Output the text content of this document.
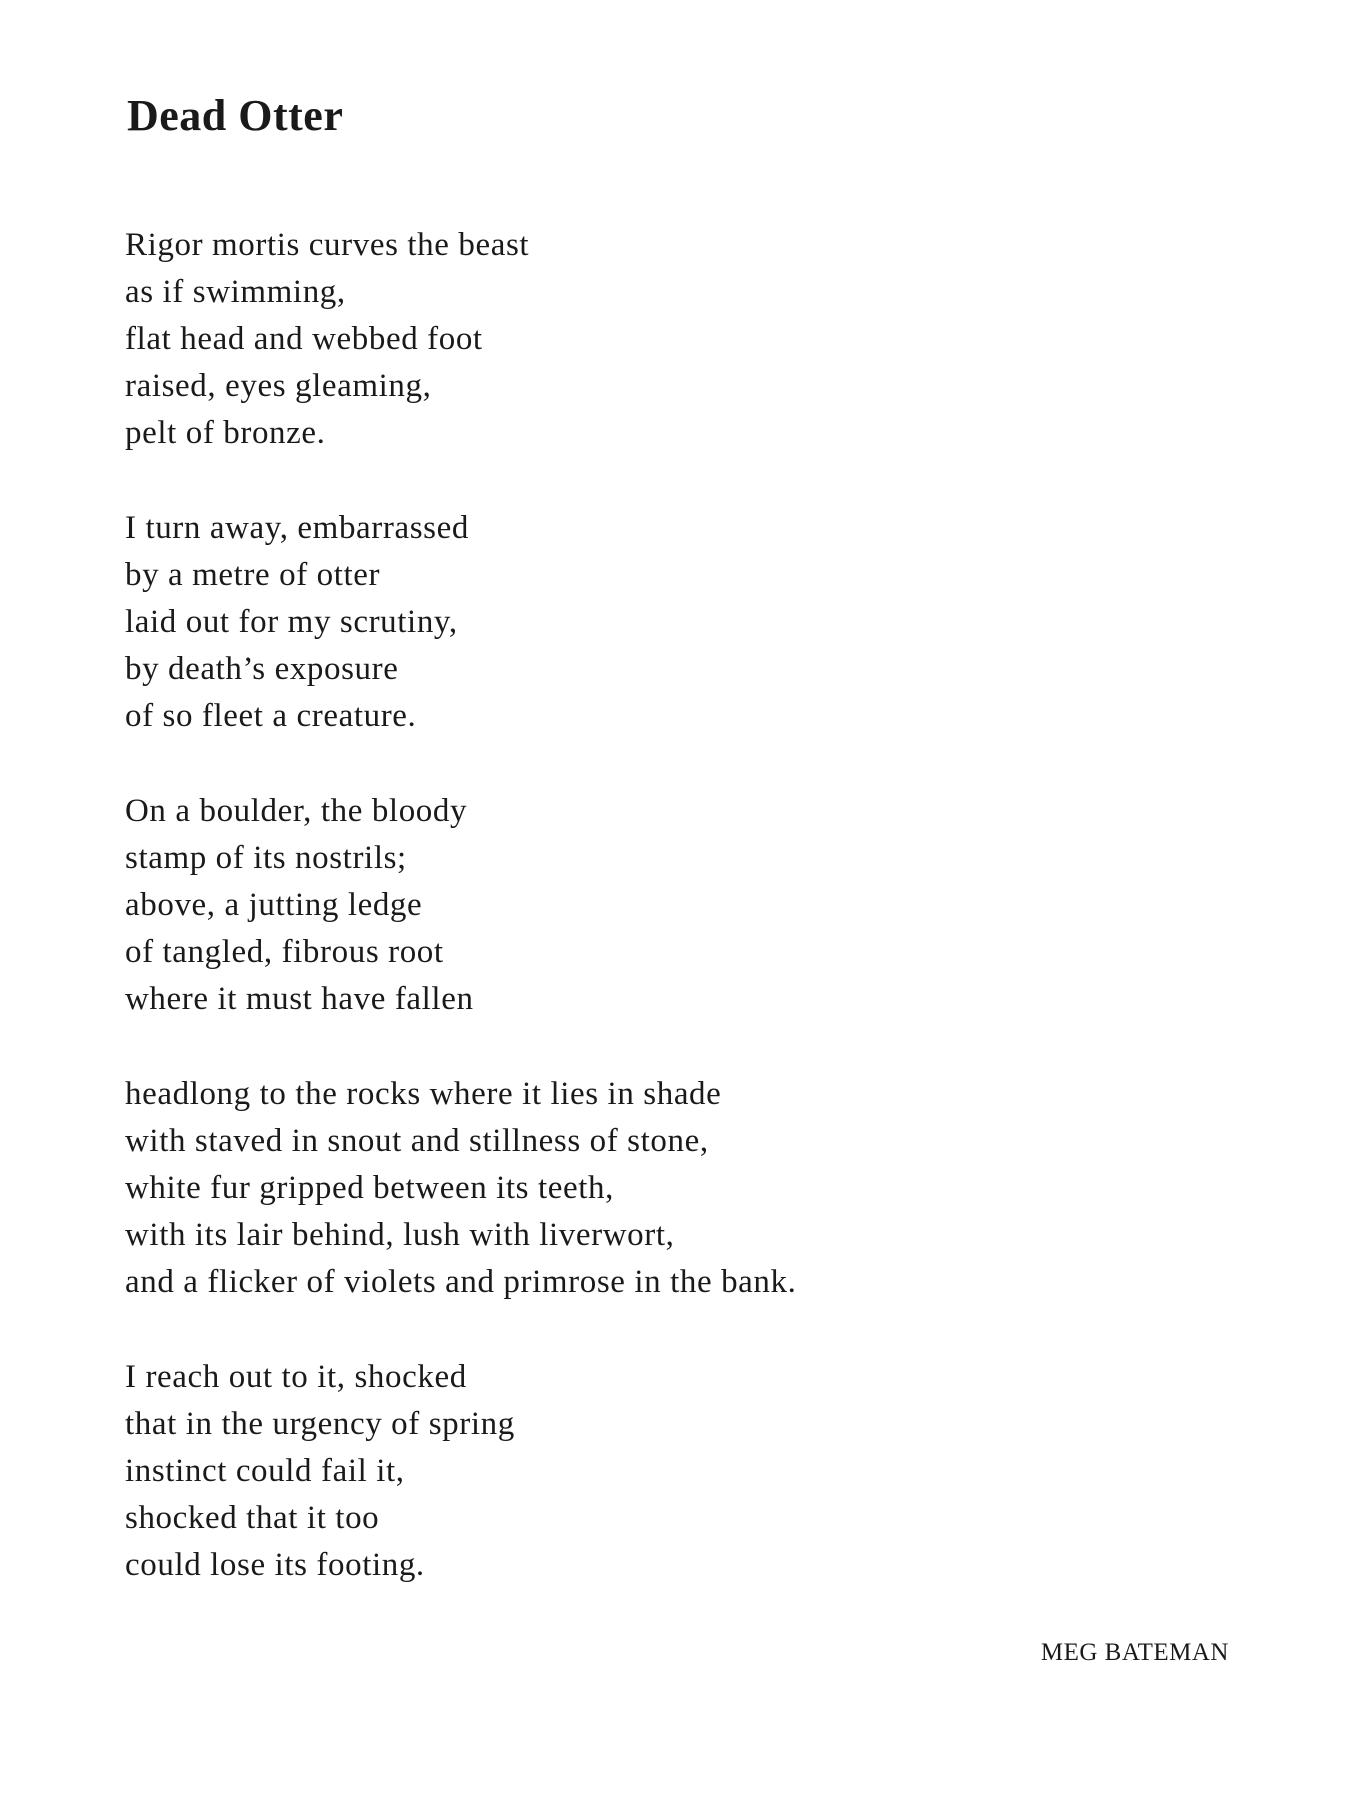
Dead Otter
Rigor mortis curves the beast
as if swimming,
flat head and webbed foot
raised, eyes gleaming,
pelt of bronze.
I turn away, embarrassed
by a metre of otter
laid out for my scrutiny,
by death’s exposure
of so fleet a creature.
On a boulder, the bloody
stamp of its nostrils;
above, a jutting ledge
of tangled, fibrous root
where it must have fallen
headlong to the rocks where it lies in shade
with staved in snout and stillness of stone,
white fur gripped between its teeth,
with its lair behind, lush with liverwort,
and a flicker of violets and primrose in the bank.
I reach out to it, shocked
that in the urgency of spring
instinct could fail it,
shocked that it too
could lose its footing.
MEG BATEMAN
